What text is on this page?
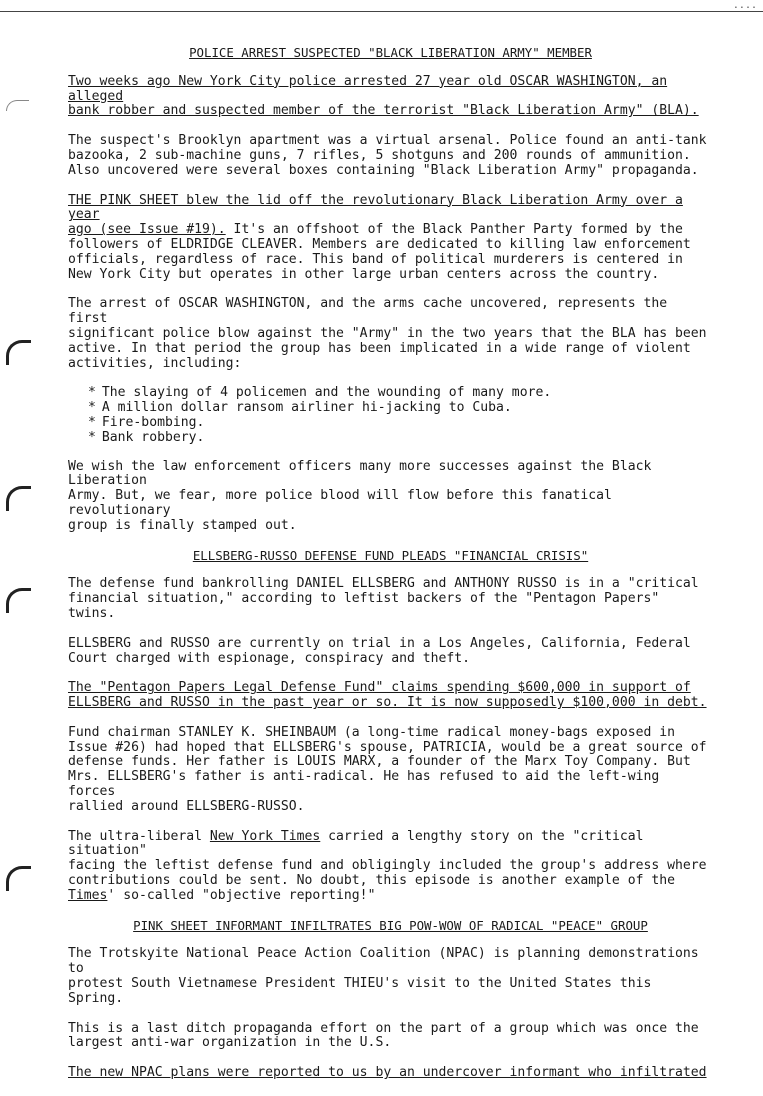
....
POLICE ARREST SUSPECTED "BLACK LIBERATION ARMY" MEMBER

Two weeks ago New York City police arrested 27 year old OSCAR WASHINGTON, an alleged
bank robber and suspected member of the terrorist "Black Liberation Army" (BLA).

The suspect's Brooklyn apartment was a virtual arsenal. Police found an anti-tank
bazooka, 2 sub-machine guns, 7 rifles, 5 shotguns and 200 rounds of ammunition.
Also uncovered were several boxes containing "Black Liberation Army" propaganda.

THE PINK SHEET blew the lid off the revolutionary Black Liberation Army over a year
ago (see Issue #19). It's an offshoot of the Black Panther Party formed by the
followers of ELDRIDGE CLEAVER. Members are dedicated to killing law enforcement
officials, regardless of race. This band of political murderers is centered in
New York City but operates in other large urban centers across the country.

The arrest of OSCAR WASHINGTON, and the arms cache uncovered, represents the first
significant police blow against the "Army" in the two years that the BLA has been
active. In that period the group has been implicated in a wide range of violent
activities, including:

* The slaying of 4 policemen and the wounding of many more.
* A million dollar ransom airliner hi-jacking to Cuba.
* Fire-bombing.
* Bank robbery.

We wish the law enforcement officers many more successes against the Black Liberation
Army. But, we fear, more police blood will flow before this fanatical revolutionary
group is finally stamped out.

ELLSBERG-RUSSO DEFENSE FUND PLEADS "FINANCIAL CRISIS"

The defense fund bankrolling DANIEL ELLSBERG and ANTHONY RUSSO is in a "critical
financial situation," according to leftist backers of the "Pentagon Papers" twins.

ELLSBERG and RUSSO are currently on trial in a Los Angeles, California, Federal
Court charged with espionage, conspiracy and theft.

The "Pentagon Papers Legal Defense Fund" claims spending $600,000 in support of
ELLSBERG and RUSSO in the past year or so. It is now supposedly $100,000 in debt.

Fund chairman STANLEY K. SHEINBAUM (a long-time radical money-bags exposed in
Issue #26) had hoped that ELLSBERG's spouse, PATRICIA, would be a great source of
defense funds. Her father is LOUIS MARX, a founder of the Marx Toy Company. But
Mrs. ELLSBERG's father is anti-radical. He has refused to aid the left-wing forces
rallied around ELLSBERG-RUSSO.

The ultra-liberal New York Times carried a lengthy story on the "critical situation"
facing the leftist defense fund and obligingly included the group's address where
contributions could be sent. No doubt, this episode is another example of the
Times' so-called "objective reporting!"

PINK SHEET INFORMANT INFILTRATES BIG POW-WOW OF RADICAL "PEACE" GROUP

The Trotskyite National Peace Action Coalition (NPAC) is planning demonstrations to
protest South Vietnamese President THIEU's visit to the United States this Spring.

This is a last ditch propaganda effort on the part of a group which was once the
largest anti-war organization in the U.S.

The new NPAC plans were reported to us by an undercover informant who infiltrated
